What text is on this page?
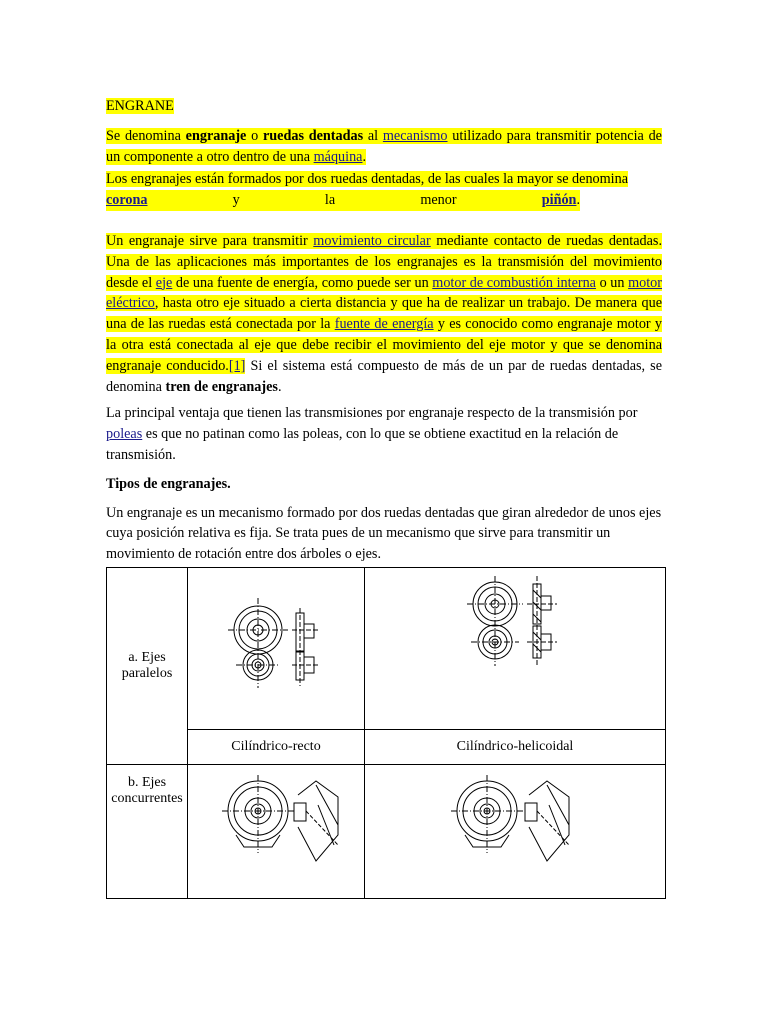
ENGRANE

Se denomina engranaje o ruedas dentadas al mecanismo utilizado para transmitir potencia de un componente a otro dentro de una máquina.

Los engranajes están formados por dos ruedas dentadas, de las cuales la mayor se denomina
corona	y	la	menor	piñón.

Un engranaje sirve para transmitir movimiento circular mediante contacto de ruedas dentadas. Una de las aplicaciones más importantes de los engranajes es la transmisión del movimiento desde el eje de una fuente de energía, como puede ser un motor de combustión interna o un motor eléctrico, hasta otro eje situado a cierta distancia y que ha de realizar un trabajo. De manera que una de las ruedas está conectada por la fuente de energía y es conocido como engranaje motor y la otra está conectada al eje que debe recibir el movimiento del eje motor y que se denomina engranaje conducido.[1] Si el sistema está compuesto de más de un par de ruedas dentadas, se denomina tren de engranajes.

La principal ventaja que tienen las transmisiones por engranaje respecto de la transmisión por poleas es que no patinan como las poleas, con lo que se obtiene exactitud en la relación de transmisión.

Tipos de engranajes.

Un engranaje es un mecanismo formado por dos ruedas dentadas que giran alrededor de unos ejes cuya posición relativa es fija. Se trata pues de un mecanismo que sirve para transmitir un movimiento de rotación entre dos árboles o ejes.

a. Ejes paralelos		
	Cilíndrico-recto	Cilíndrico-helicoidal
b. Ejes concurrentes		
